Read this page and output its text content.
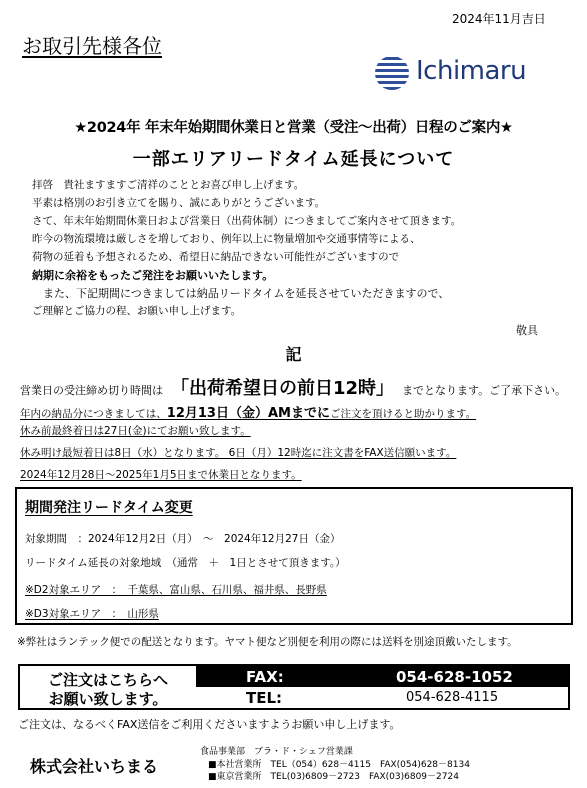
2024年11月吉日
お取引先様各位
Ichimaru
★2024年 年末年始期間休業日と営業（受注～出荷）日程のご案内★
一部エリアリードタイム延長について
拝啓　貴社ますますご清祥のこととお喜び申し上げます。
平素は格別のお引き立てを賜り、誠にありがとうございます。
さて、年末年始期間休業日および営業日（出荷体制）につきましてご案内させて頂きます。
昨今の物流環境は厳しさを増しており、例年以上に物量増加や交通事情等による、
荷物の延着も予想されるため、希望日に納品できない可能性がございますので
納期に余裕をもったご発注をお願いいたします。
　また、下記期間につきましては納品リードタイムを延長させていただきますので、
ご理解とご協力の程、お願い申し上げます。
敬具
記
営業日の受注締め切り時間は 「出荷希望日の前日12時」 までとなります。ご了承下さい。
年内の納品分につきましては、12月13日（金）AMまでにご注文を頂けると助かります。
休み前最終着日は27日(金)にてお願い致します。
休み明け最短着日は8日（水）となります。 6日（月）12時迄に注文書をFAX送信願います。
2024年12月28日～2025年1月5日まで休業日となります。
期間発注リードタイム変更
対象期間　：2024年12月2日（月）　～　2024年12月27日（金）
リードタイム延長の対象地域　（通常　＋　1日とさせて頂きます。）
※D2対象エリア　：　千葉県、富山県、石川県、福井県、長野県
※D3対象エリア　：　山形県
※弊社はランテック便での配送となります。ヤマト便など別便を利用の際には送料を別途頂戴いたします。
ご注文はこちらへ
お願い致します。
FAX:	054-628-1052
TEL:	054-628-4115
ご注文は、なるべくFAX送信をご利用くださいますようお願い申し上げます。
株式会社いちまる
食品事業部　ブラ・ド・シェフ営業課
■本社営業所　TEL（054）628－4115　FAX(054)628－8134
■東京営業所　TEL(03)6809－2723　FAX(03)6809－2724
